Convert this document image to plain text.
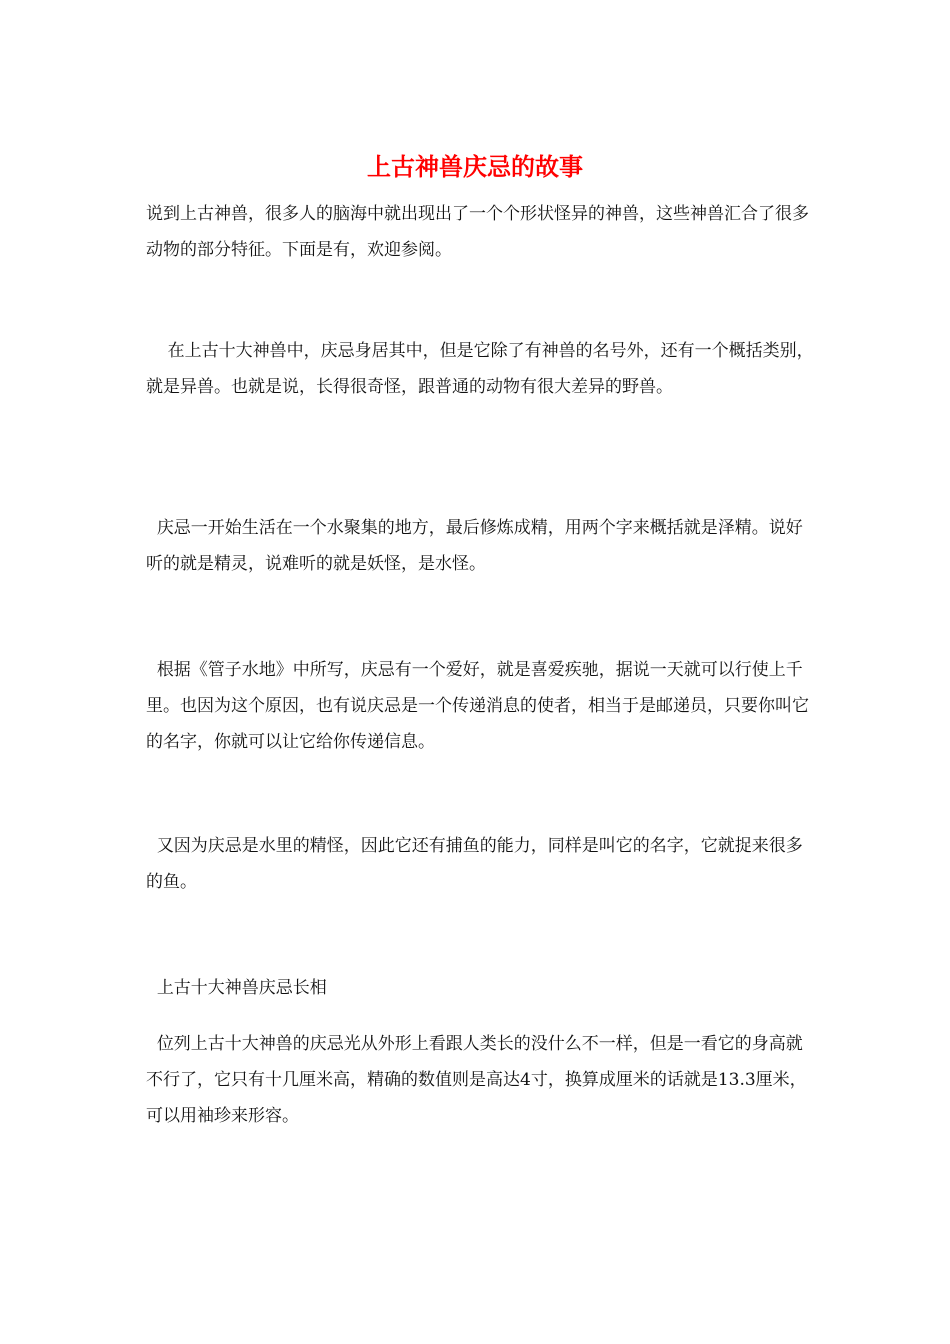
上古神兽庆忌的故事

说到上古神兽，很多人的脑海中就出现出了一个个形状怪异的神兽，这些神兽汇合了很多动物的部分特征。下面是有，欢迎参阅。

在上古十大神兽中，庆忌身居其中，但是它除了有神兽的名号外，还有一个概括类别，就是异兽。也就是说，长得很奇怪，跟普通的动物有很大差异的野兽。

庆忌一开始生活在一个水聚集的地方，最后修炼成精，用两个字来概括就是泽精。说好听的就是精灵，说难听的就是妖怪，是水怪。

根据《管子水地》中所写，庆忌有一个爱好，就是喜爱疾驰，据说一天就可以行使上千里。也因为这个原因，也有说庆忌是一个传递消息的使者，相当于是邮递员，只要你叫它的名字，你就可以让它给你传递信息。

又因为庆忌是水里的精怪，因此它还有捕鱼的能力，同样是叫它的名字，它就捉来很多的鱼。

上古十大神兽庆忌长相

位列上古十大神兽的庆忌光从外形上看跟人类长的没什么不一样，但是一看它的身高就不行了，它只有十几厘米高，精确的数值则是高达4寸，换算成厘米的话就是13.3厘米，可以用袖珍来形容。
